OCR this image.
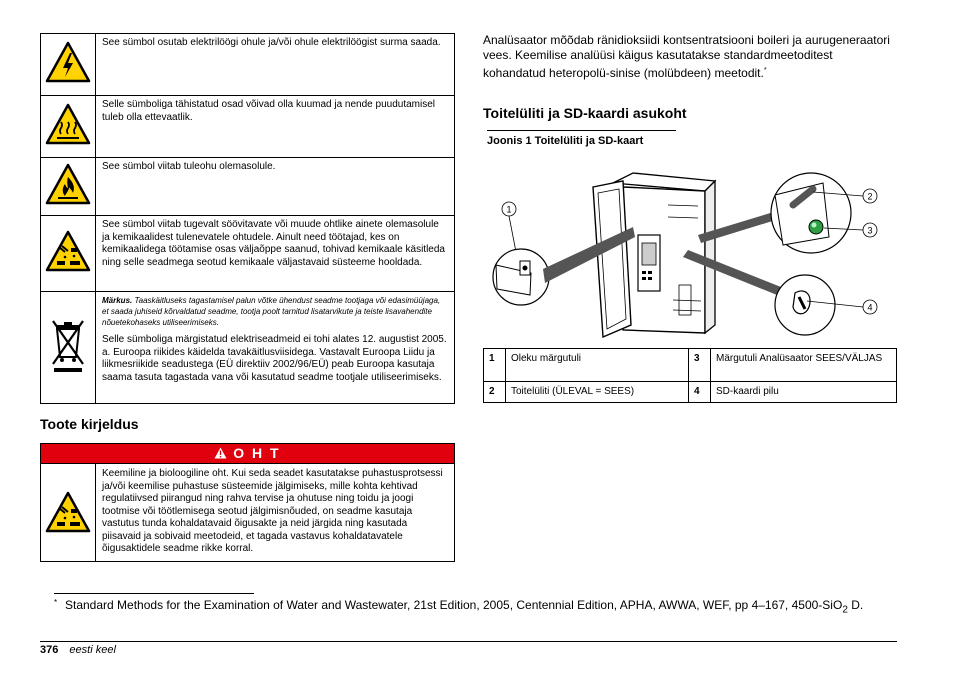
	See sümbol osutab elektrilöögi ohule ja/või ohule elektrilöögist surma saada.
	Selle sümboliga tähistatud osad võivad olla kuumad ja nende puudutamisel tuleb olla ettevaatlik.
	See sümbol viitab tuleohu olemasolule.
	See sümbol viitab tugevalt söövitavate või muude ohtlike ainete olemasolule ja kemikaalidest tulenevatele ohtudele. Ainult need töötajad, kes on kemikaalidega töötamise osas väljaõppe saanud, tohivad kemikaale käsitleda ning selle seadmega seotud kemikaale väljastavaid süsteeme hooldada.

Märkus. Taaskäitluseks tagastamisel palun võtke ühendust seadme tootjaga või edasimüüjaga, et saada juhiseid kõrvaldatud seadme, tootja poolt tarnitud lisatarvikute ja teiste lisavahendite nõuetekohaseks utiliseerimiseks.
Selle sümboliga märgistatud elektriseadmeid ei tohi alates 12. augustist 2005. a. Euroopa riikides käidelda tavakäitlusviisidega. Vastavalt Euroopa Liidu ja liikmesriikide seadustega (EÜ direktiiv 2002/96/EÜ) peab Euroopa kasutaja saama tasuta tagastada vana või kasutatud seadme tootjale utiliseerimiseks.
Toote kirjeldus
O H T
Keemiline ja bioloogiline oht. Kui seda seadet kasutatakse puhastusprotsessi ja/või keemilise puhastuse süsteemide jälgimiseks, mille kohta kehtivad regulatiivsed piirangud ning rahva tervise ja ohutuse ning toidu ja joogi tootmise või töötlemisega seotud jälgimisnõuded, on seadme kasutaja vastutus tunda kohaldatavaid õigusakte ja neid järgida ning kasutada piisavaid ja sobivaid meetodeid, et tagada vastavus kohaldatavatele õigusaktidele seadme rikke korral.
Analüsaator mõõdab ränidioksiidi kontsentratsiooni boileri ja aurugeneraatori vees. Keemilise analüüsi käigus kasutatakse standardmeetoditest kohandatud heteropolü-sinise (molübdeen) meetodit.*
Toitelüliti ja SD-kaardi asukoht
Joonis 1 Toitelüliti ja SD-kaart
1
2
3
4
1	Oleku märgutuli	3	Märgutuli Analüsaator SEES/VÄLJAS
2	Toitelüliti (ÜLEVAL = SEES)	4	SD-kaardi pilu
* Standard Methods for the Examination of Water and Wastewater, 21st Edition, 2005, Centennial Edition, APHA, AWWA, WEF, pp 4–167, 4500-SiO$_2$ D.
376 eesti keel
